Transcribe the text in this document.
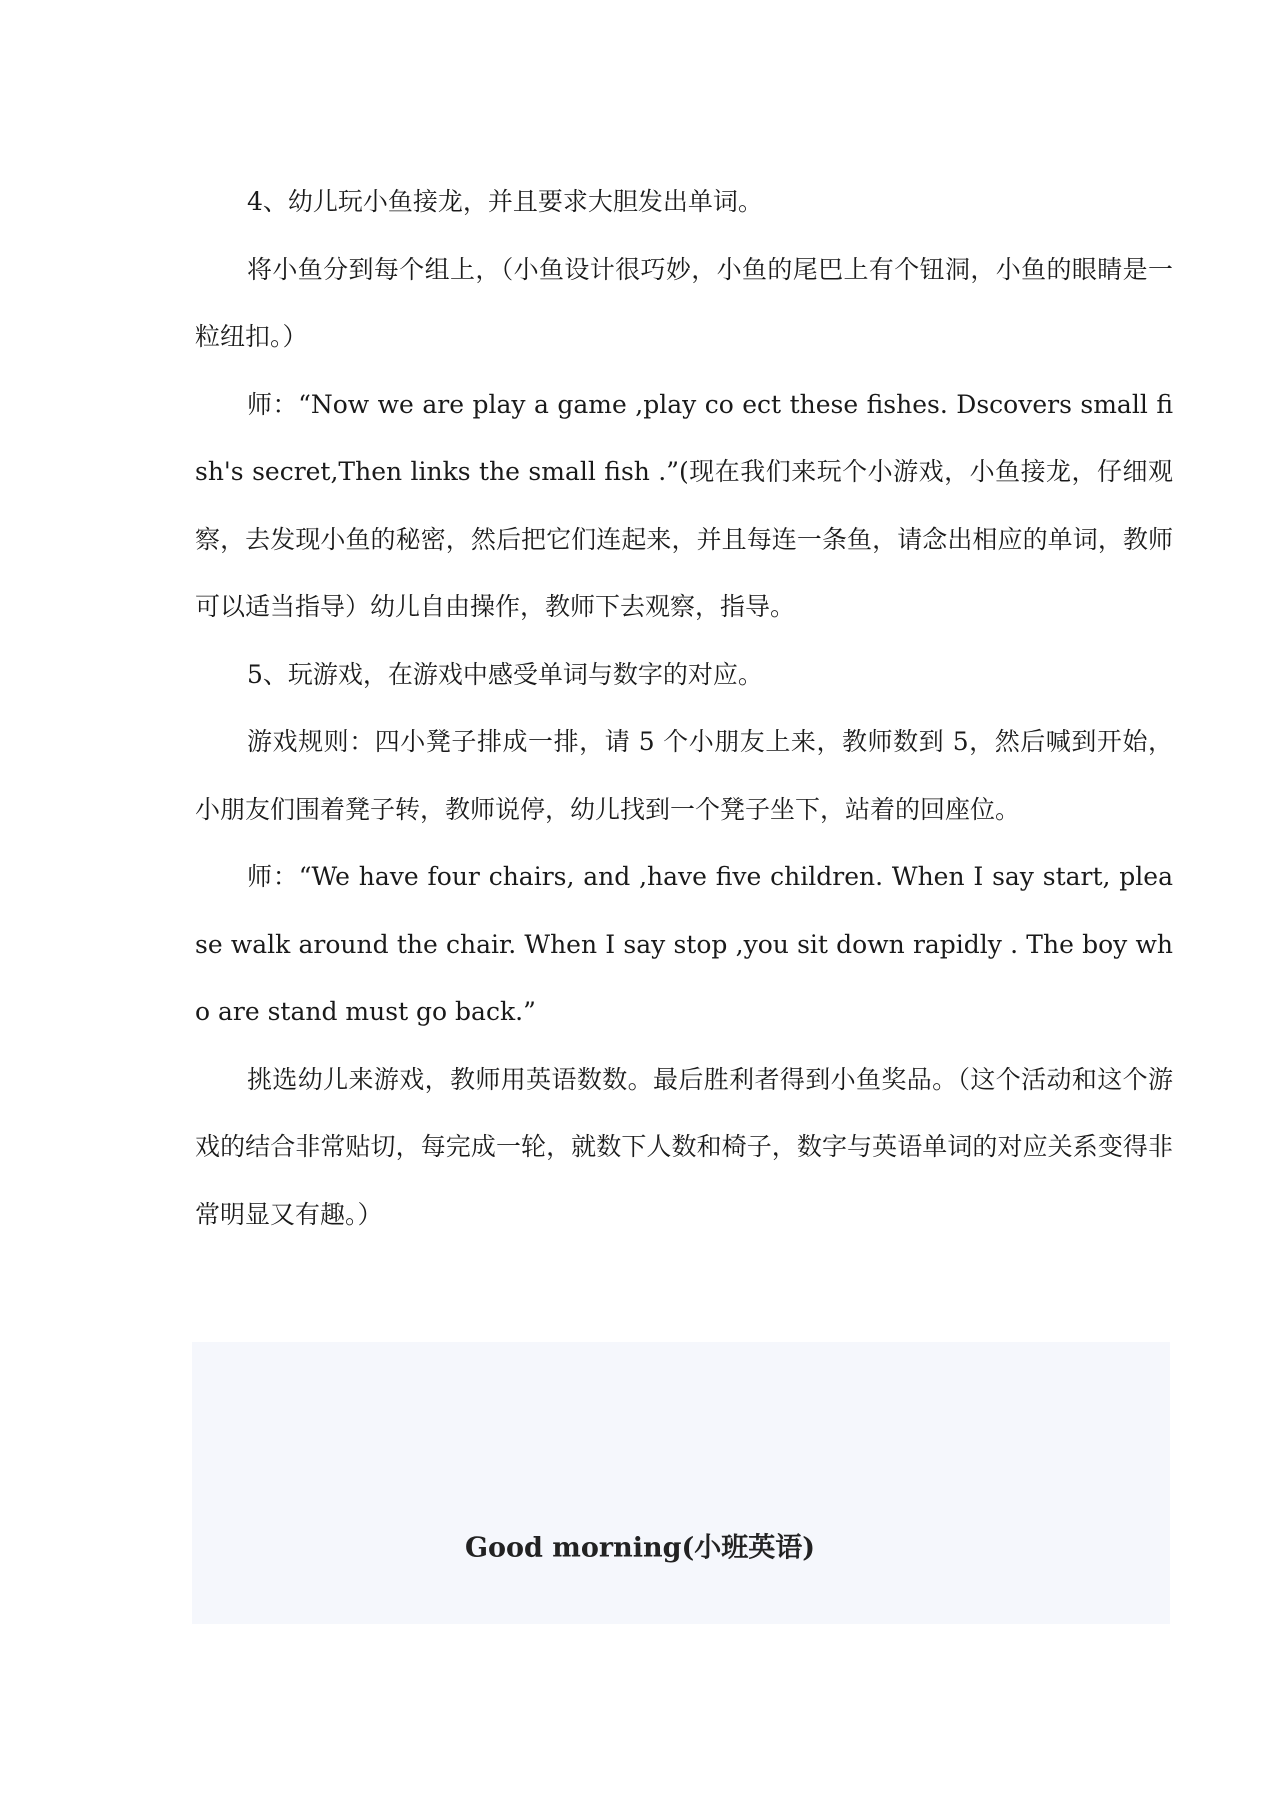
4、幼儿玩小鱼接龙，并且要求大胆发出单词。

将小鱼分到每个组上，（小鱼设计很巧妙，小鱼的尾巴上有个钮洞，小鱼的眼睛是一粒纽扣。）

师：“Now we are play a game ,play co ect these fishes. Dscovers small fish's secret,Then links the small fish .”(现在我们来玩个小游戏，小鱼接龙，仔细观察，去发现小鱼的秘密，然后把它们连起来，并且每连一条鱼，请念出相应的单词，教师可以适当指导）幼儿自由操作，教师下去观察，指导。

5、玩游戏，在游戏中感受单词与数字的对应。

游戏规则：四小凳子排成一排，请 5 个小朋友上来，教师数到 5，然后喊到开始，小朋友们围着凳子转，教师说停，幼儿找到一个凳子坐下，站着的回座位。

师：“We have four chairs, and ,have five children. When I say start, please walk around the chair. When I say stop ,you sit down rapidly . The boy who are stand must go back.”

挑选幼儿来游戏，教师用英语数数。最后胜利者得到小鱼奖品。（这个活动和这个游戏的结合非常贴切，每完成一轮，就数下人数和椅子，数字与英语单词的对应关系变得非常明显又有趣。）

Good morning(小班英语)
